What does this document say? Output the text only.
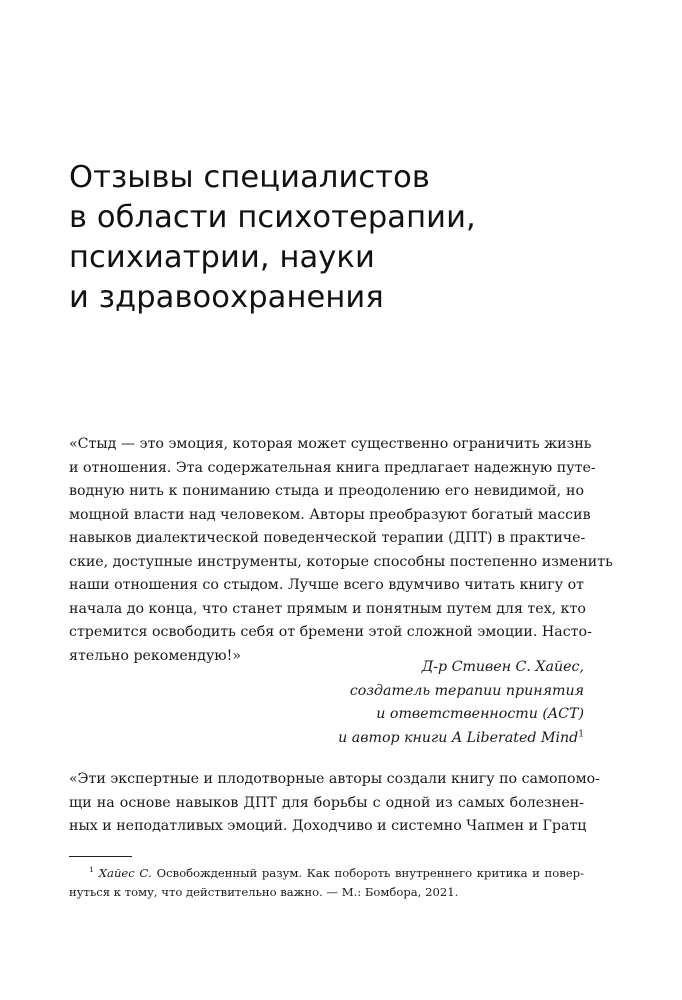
Отзывы специалистов
в области психотерапии,
психиатрии, науки
и здравоохранения

«Стыд — это эмоция, которая может существенно ограничить жизнь
и отношения. Эта содержательная книга предлагает надежную путе-
водную нить к пониманию стыда и преодолению его невидимой, но
мощной власти над человеком. Авторы преобразуют богатый массив
навыков диалектической поведенческой терапии (ДПТ) в практиче-
ские, доступные инструменты, которые способны постепенно изменить
наши отношения со стыдом. Лучше всего вдумчиво читать книгу от
начала до конца, что станет прямым и понятным путем для тех, кто
стремится освободить себя от бремени этой сложной эмоции. Насто-
ятельно рекомендую!»

Д-р Стивен С. Хайес,
создатель терапии принятия
и ответственности (ACT)
и автор книги A Liberated Mind$^1$

«Эти экспертные и плодотворные авторы создали книгу по самопомо-
щи на основе навыков ДПТ для борьбы с одной из самых болезнен-
ных и неподатливых эмоций. Доходчиво и системно Чапмен и Гратц

$^1$ Хайес С. Освобожденный разум. Как побороть внутреннего критика и повер-
нуться к тому, что действительно важно. — М.: Бомбора, 2021.
